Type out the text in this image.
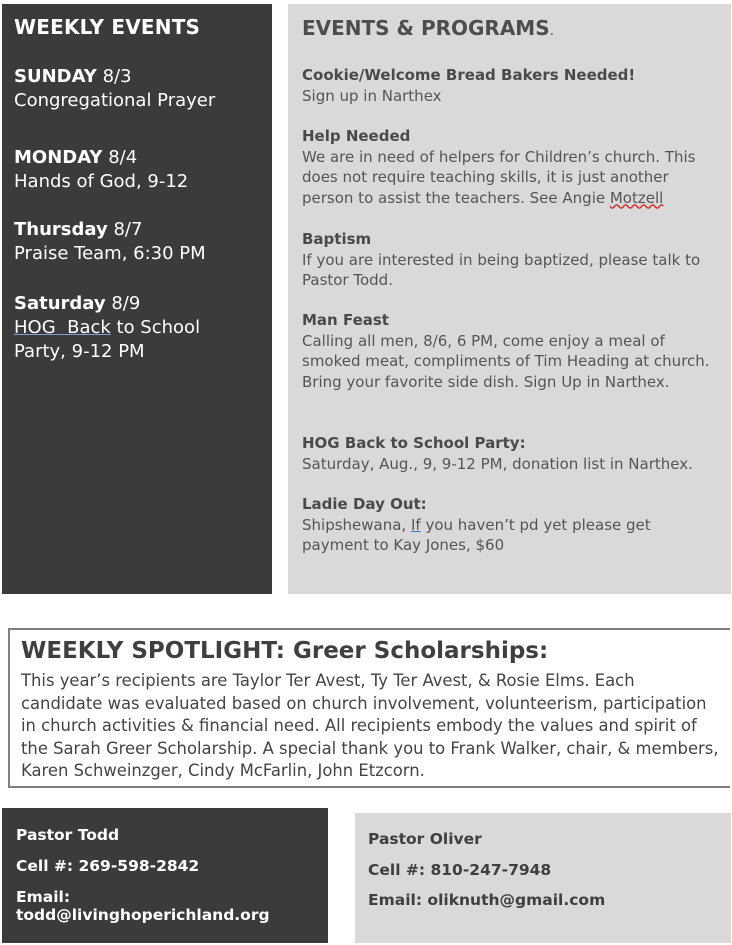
WEEKLY EVENTS
SUNDAY 8/3
Congregational Prayer
MONDAY 8/4
Hands of God, 9-12
Thursday 8/7
Praise Team, 6:30 PM
Saturday 8/9
HOG  Back to School
Party, 9-12 PM
EVENTS & PROGRAMS.
Cookie/Welcome Bread Bakers Needed!
Sign up in Narthex
Help Needed
We are in need of helpers for Children’s church. This does not require teaching skills, it is just another person to assist the teachers. See Angie Motzell
Baptism
If you are interested in being baptized, please talk to Pastor Todd.
Man Feast
Calling all men, 8/6, 6 PM, come enjoy a meal of smoked meat, compliments of Tim Heading at church. Bring your favorite side dish. Sign Up in Narthex.
HOG Back to School Party:
Saturday, Aug., 9, 9-12 PM, donation list in Narthex.
Ladie Day Out:
Shipshewana, If you haven’t pd yet please get payment to Kay Jones, $60
WEEKLY SPOTLIGHT: Greer Scholarships:
This year’s recipients are Taylor Ter Avest, Ty Ter Avest, & Rosie Elms. Each candidate was evaluated based on church involvement, volunteerism, participation in church activities & financial need. All recipients embody the values and spirit of the Sarah Greer Scholarship. A special thank you to Frank Walker, chair, & members, Karen Schweinzger, Cindy McFarlin, John Etzcorn.
Pastor Todd
Cell #: 269-598-2842
Email: todd@livinghoperichland.org
Pastor Oliver
Cell #: 810-247-7948
Email: oliknuth@gmail.com
